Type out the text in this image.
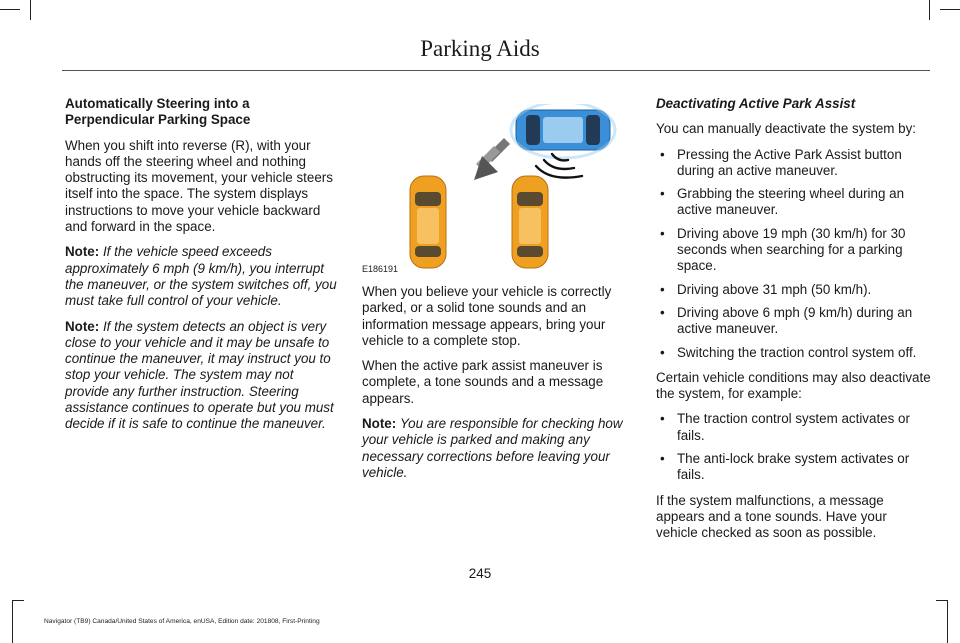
Parking Aids

Automatically Steering into a Perpendicular Parking Space

When you shift into reverse (R), with your hands off the steering wheel and nothing obstructing its movement, your vehicle steers itself into the space. The system displays instructions to move your vehicle backward and forward in the space.

Note: If the vehicle speed exceeds approximately 6 mph (9 km/h), you interrupt the maneuver, or the system switches off, you must take full control of your vehicle.

Note: If the system detects an object is very close to your vehicle and it may be unsafe to continue the maneuver, it may instruct you to stop your vehicle. The system may not provide any further instruction. Steering assistance continues to operate but you must decide if it is safe to continue the maneuver.

E186191

When you believe your vehicle is correctly parked, or a solid tone sounds and an information message appears, bring your vehicle to a complete stop.

When the active park assist maneuver is complete, a tone sounds and a message appears.

Note: You are responsible for checking how your vehicle is parked and making any necessary corrections before leaving your vehicle.

Deactivating Active Park Assist

You can manually deactivate the system by:

• Pressing the Active Park Assist button during an active maneuver.
• Grabbing the steering wheel during an active maneuver.
• Driving above 19 mph (30 km/h) for 30 seconds when searching for a parking space.
• Driving above 31 mph (50 km/h).
• Driving above 6 mph (9 km/h) during an active maneuver.
• Switching the traction control system off.

Certain vehicle conditions may also deactivate the system, for example:

• The traction control system activates or fails.
• The anti-lock brake system activates or fails.

If the system malfunctions, a message appears and a tone sounds. Have your vehicle checked as soon as possible.

245
Navigator (TB9) Canada/United States of America, enUSA, Edition date: 201808, First-Printing
